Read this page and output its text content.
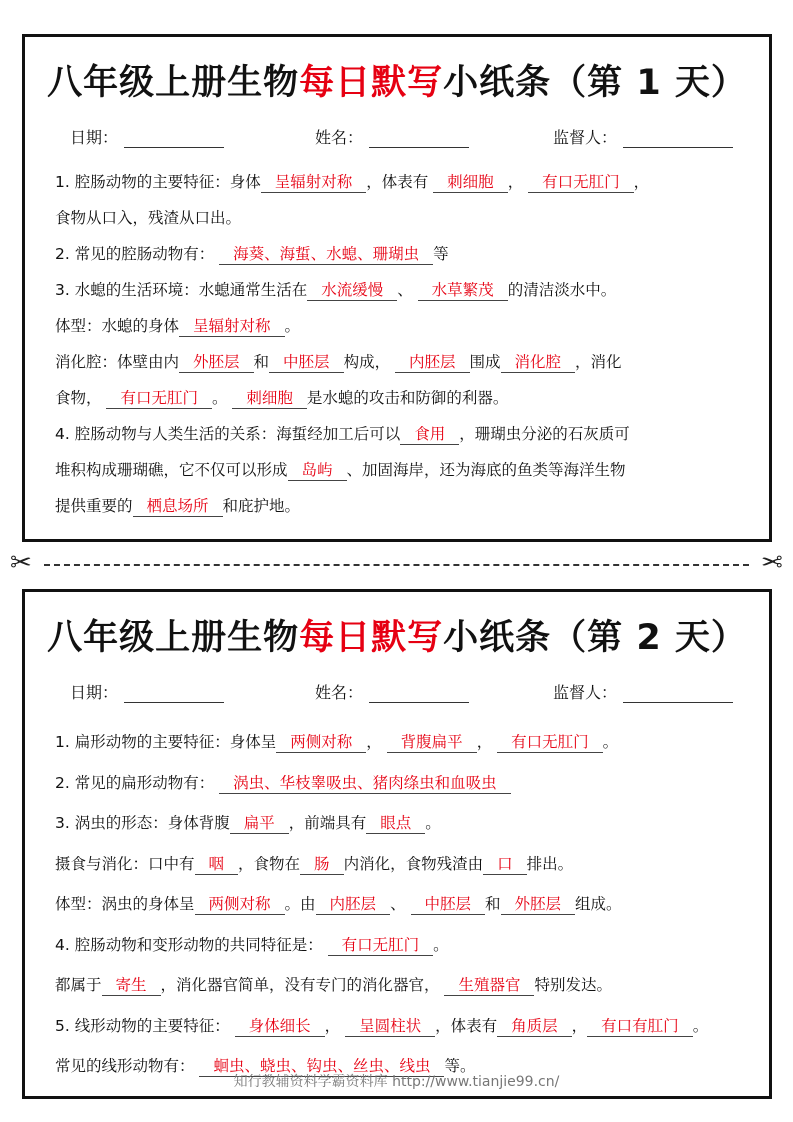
八年级上册生物每日默写小纸条（第 1 天）
日期：	姓名：	监督人：
1. 腔肠动物的主要特征：身体 呈辐射对称 ，体表有 刺细胞 ， 有口无肛门 ，
食物从口入，残渣从口出。
2. 常见的腔肠动物有： 海葵、海蜇、水螅、珊瑚虫 等
3. 水螅的生活环境：水螅通常生活在 水流缓慢 、 水草繁茂 的清洁淡水中。
体型：水螅的身体 呈辐射对称 。
消化腔：体壁由内 外胚层 和 中胚层 构成， 内胚层 围成 消化腔 ，消化
食物， 有口无肛门 。 刺细胞 是水螅的攻击和防御的利器。
4. 腔肠动物与人类生活的关系：海蜇经加工后可以 食用 ，珊瑚虫分泌的石灰质可
堆积构成珊瑚礁，它不仅可以形成 岛屿 、加固海岸，还为海底的鱼类等海洋生物
提供重要的 栖息场所 和庇护地。
✂	✂
八年级上册生物每日默写小纸条（第 2 天）
日期：	姓名：	监督人：
1. 扁形动物的主要特征：身体呈 两侧对称 ， 背腹扁平 ， 有口无肛门 。
2. 常见的扁形动物有： 涡虫、华枝睾吸虫、猪肉绦虫和血吸虫
3. 涡虫的形态：身体背腹 扁平 ，前端具有 眼点 。
摄食与消化：口中有 咽 ，食物在 肠 内消化，食物残渣由 口 排出。
体型：涡虫的身体呈 两侧对称 。由 内胚层 、 中胚层 和 外胚层 组成。
4. 腔肠动物和变形动物的共同特征是： 有口无肛门 。
都属于 寄生 ，消化器官简单，没有专门的消化器官， 生殖器官 特别发达。
5. 线形动物的主要特征： 身体细长 ， 呈圆柱状 ，体表有 角质层 ， 有口有肛门 。
常见的线形动物有： 蛔虫、蛲虫、钩虫、丝虫、线虫 等。
知行教辅资料学霸资料库 http://www.tianjie99.cn/
